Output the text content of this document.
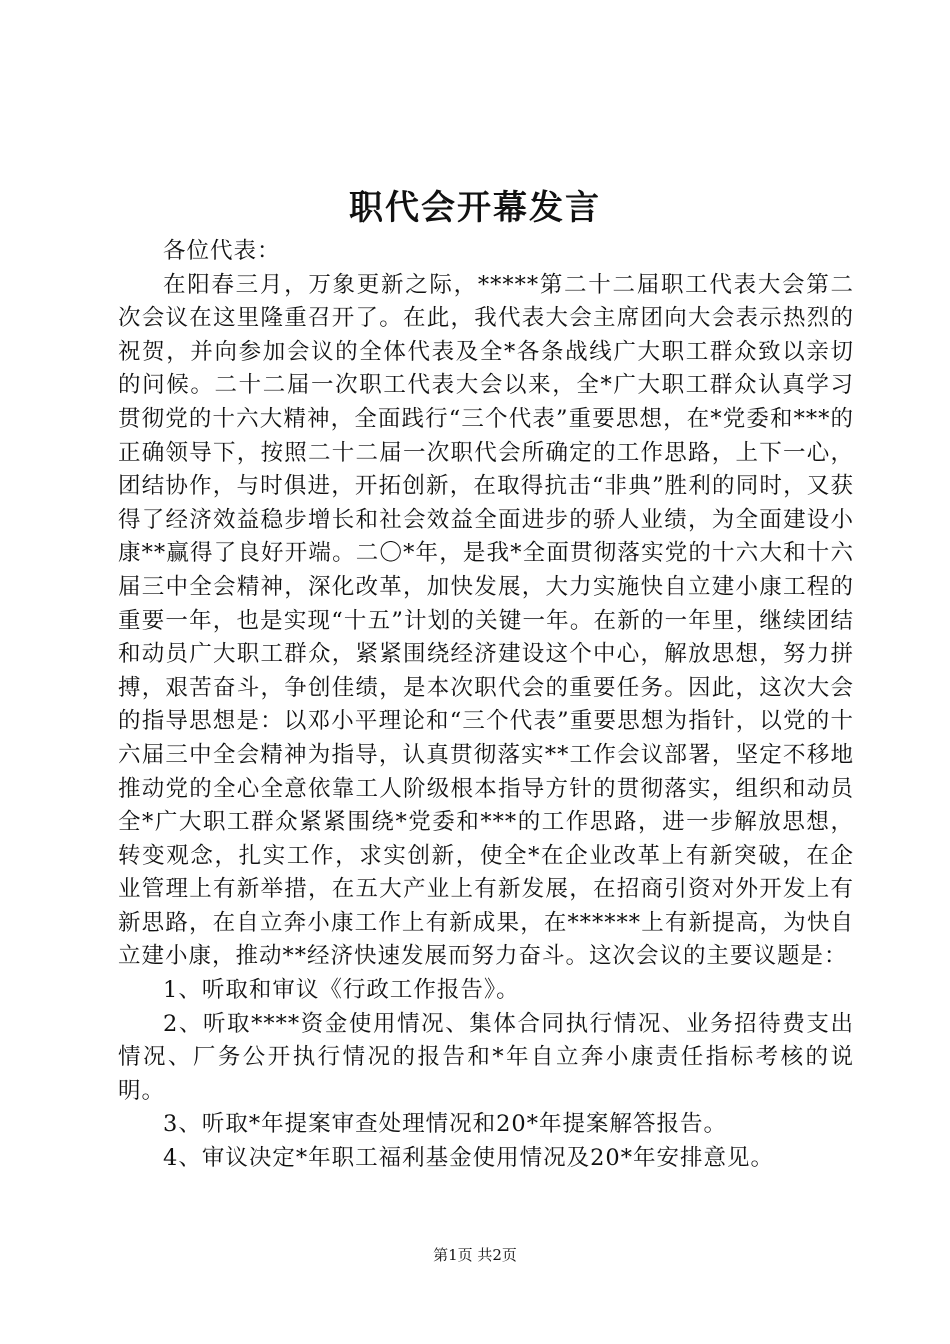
职代会开幕发言

各位代表：

在阳春三月，万象更新之际，*****第二十二届职工代表大会第二次会议在这里隆重召开了。在此，我代表大会主席团向大会表示热烈的祝贺，并向参加会议的全体代表及全*各条战线广大职工群众致以亲切的问候。二十二届一次职工代表大会以来，全*广大职工群众认真学习贯彻党的十六大精神，全面践行“三个代表”重要思想，在*党委和***的正确领导下，按照二十二届一次职代会所确定的工作思路，上下一心，团结协作，与时俱进，开拓创新，在取得抗击“非典”胜利的同时，又获得了经济效益稳步增长和社会效益全面进步的骄人业绩，为全面建设小康**赢得了良好开端。二〇*年，是我*全面贯彻落实党的十六大和十六届三中全会精神，深化改革，加快发展，大力实施快自立建小康工程的重要一年，也是实现“十五”计划的关键一年。在新的一年里，继续团结和动员广大职工群众，紧紧围绕经济建设这个中心，解放思想，努力拼搏，艰苦奋斗，争创佳绩，是本次职代会的重要任务。因此，这次大会的指导思想是：以邓小平理论和“三个代表”重要思想为指针，以党的十六届三中全会精神为指导，认真贯彻落实**工作会议部署，坚定不移地推动党的全心全意依靠工人阶级根本指导方针的贯彻落实，组织和动员全*广大职工群众紧紧围绕*党委和***的工作思路，进一步解放思想，转变观念，扎实工作，求实创新，使全*在企业改革上有新突破，在企业管理上有新举措，在五大产业上有新发展，在招商引资对外开发上有新思路，在自立奔小康工作上有新成果，在******上有新提高，为快自立建小康，推动**经济快速发展而努力奋斗。这次会议的主要议题是：

1、听取和审议《行政工作报告》。

2、听取****资金使用情况、集体合同执行情况、业务招待费支出情况、厂务公开执行情况的报告和*年自立奔小康责任指标考核的说明。

3、听取*年提案审查处理情况和20*年提案解答报告。

4、审议决定*年职工福利基金使用情况及20*年安排意见。

第1页 共2页
